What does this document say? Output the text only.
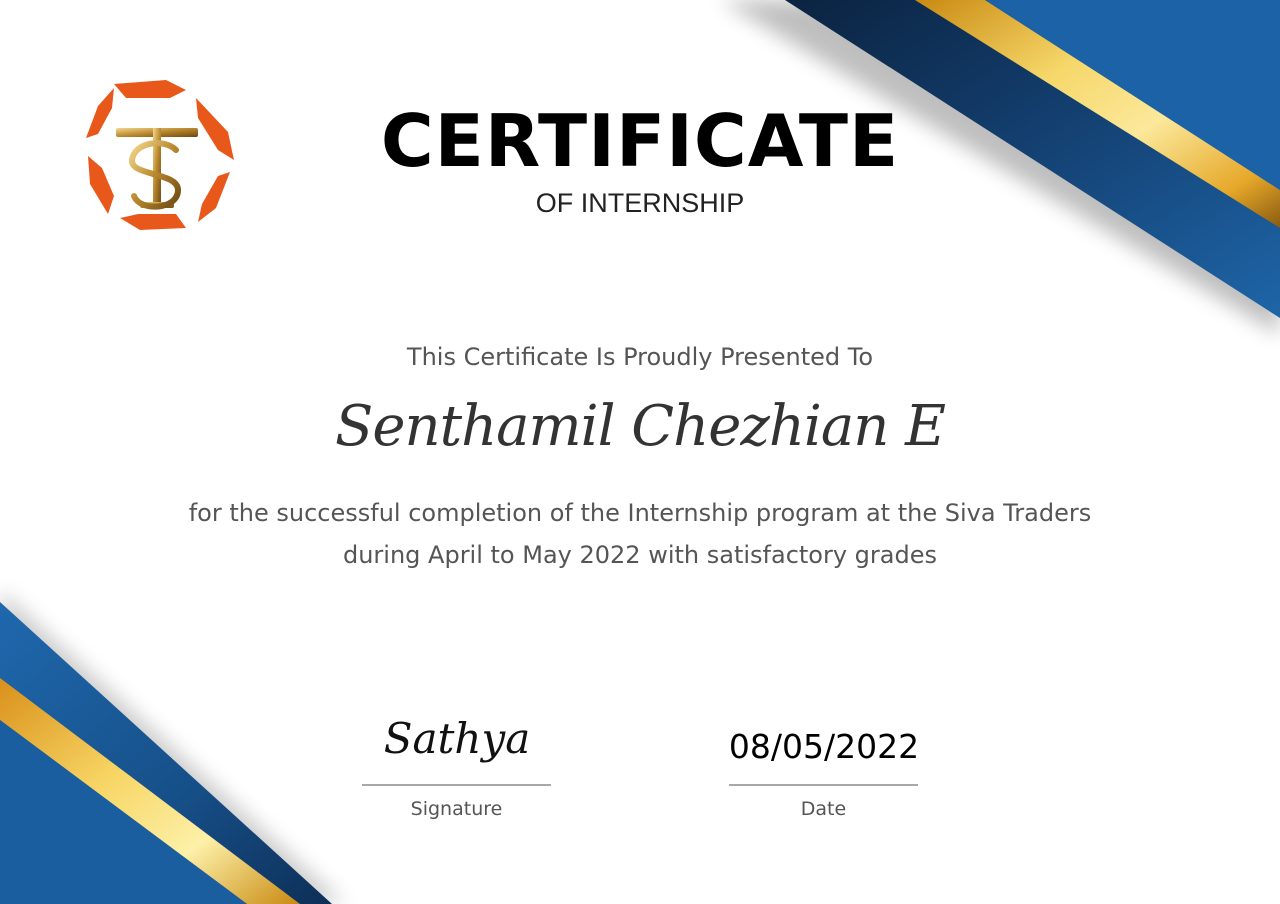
CERTIFICATE
OF INTERNSHIP
This Certificate Is Proudly Presented To
Senthamil Chezhian E
for the successful completion of the Internship program at the Siva Traders during April to May 2022 with satisfactory grades
Sathya
Signature
08/05/2022
Date
